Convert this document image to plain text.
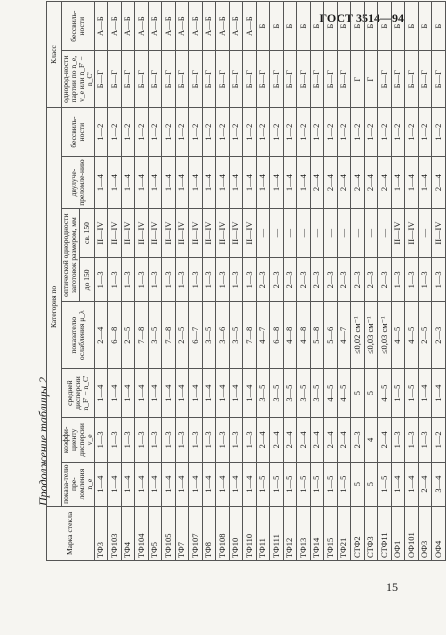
ГОСТ 3514—94
Продолжение таблицы 2
15
Марка стекла	Категория по								Класс	
	показа-телю пре-ломления n_e	коэффи-циенту дисперсии v_e	средней дисперсии n_F' − n_C'	показателю ослабления μ_λ	оптической однородности заготовок размером, мм		двулуче-преломле-нию	бессвиль-ности	однород-ности партии по n_e, v_e или n_F' − n_C'	бессвиль-ности
					до 150	св. 150				
ТФ3	1—4	1—3	1—4	2—4	1—3	II—IV	1—4	1—2	Б—Г	А—Б
ТФ103	1—4	1—3	1—4	6—8	1—3	II—IV	1—4	1—2	Б—Г	А—Б
ТФ4	1—4	1—3	1—4	2—5	1—3	II—IV	1—4	1—2	Б—Г	А—Б
ТФ104	1—4	1—3	1—4	7—8	1—3	II—IV	1—4	1—2	Б—Г	А—Б
ТФ5	1—4	1—3	1—4	3—5	1—3	II—IV	1—4	1—2	Б—Г	А—Б
ТФ105	1—4	1—3	1—4	7—8	1—3	II—IV	1—4	1—2	Б—Г	А—Б
ТФ7	1—4	1—3	1—4	2—5	1—3	II—IV	1—4	1—2	Б—Г	А—Б
ТФ107	1—4	1—3	1—4	6—7	1—3	II—IV	1—4	1—2	Б—Г	А—Б
ТФ8	1—4	1—3	1—4	3—5	1—3	II—IV	1—4	1—2	Б—Г	А—Б
ТФ108	1—4	1—3	1—4	3—6	1—3	II—IV	1—4	1—2	Б—Г	А—Б
ТФ10	1—4	1—3	1—4	3—5	1—3	II—IV	1—4	1—2	Б—Г	А—Б
ТФ110	1—4	1—3	1—4	7—8	1—3	II—IV	1—4	1—2	Б—Г	А—Б
ТФ11	1—5	2—4	3—5	4—7	2—3	—	1—4	1—2	Б—Г	Б
ТФ111	1—5	2—4	3—5	6—8	2—3	—	1—4	1—2	Б—Г	Б
ТФ12	1—5	2—4	3—5	4—8	2—3	—	1—4	1—2	Б—Г	Б
ТФ13	1—5	2—4	3—5	4—8	2—3	—	1—4	1—2	Б—Г	Б
ТФ14	1—5	2—4	3—5	5—8	2—3	—	2—4	1—2	Б—Г	Б
ТФ15	1—5	2—4	4—5	5—6	2—3	—	2—4	1—2	Б—Г	Б
ТФ21	1—5	2—4	4—5	4—7	2—3	—	2—4	1—2	Б—Г	Б
СТФ2	5	2—3	5	≤0,02 см⁻¹	2—3	—	2—4	1—2	Г	Б
СТФ3	5	4	5	≤0,03 см⁻¹	2—3	—	2—4	1—2	Г	Б
СТФ11	1—5	2—4	4—5	≤0,03 см⁻¹	2—3	—	2—4	1—2	Б—Г	Б
ОФ1	1—4	1—3	1—5	4—5	1—3	II—IV	1—4	1—2	Б—Г	Б
ОФ101	1—4	1—3	1—5	4—5	1—3	II—IV	1—4	1—2	Б—Г	Б
ОФ3	2—4	1—3	1—4	2—5	1—3	—	1—4	1—2	Б—Г	Б
ОФ4	3—4	1—2	1—4	2—3	1—3	II—IV	2—4	1—2	Б—Г	Б
